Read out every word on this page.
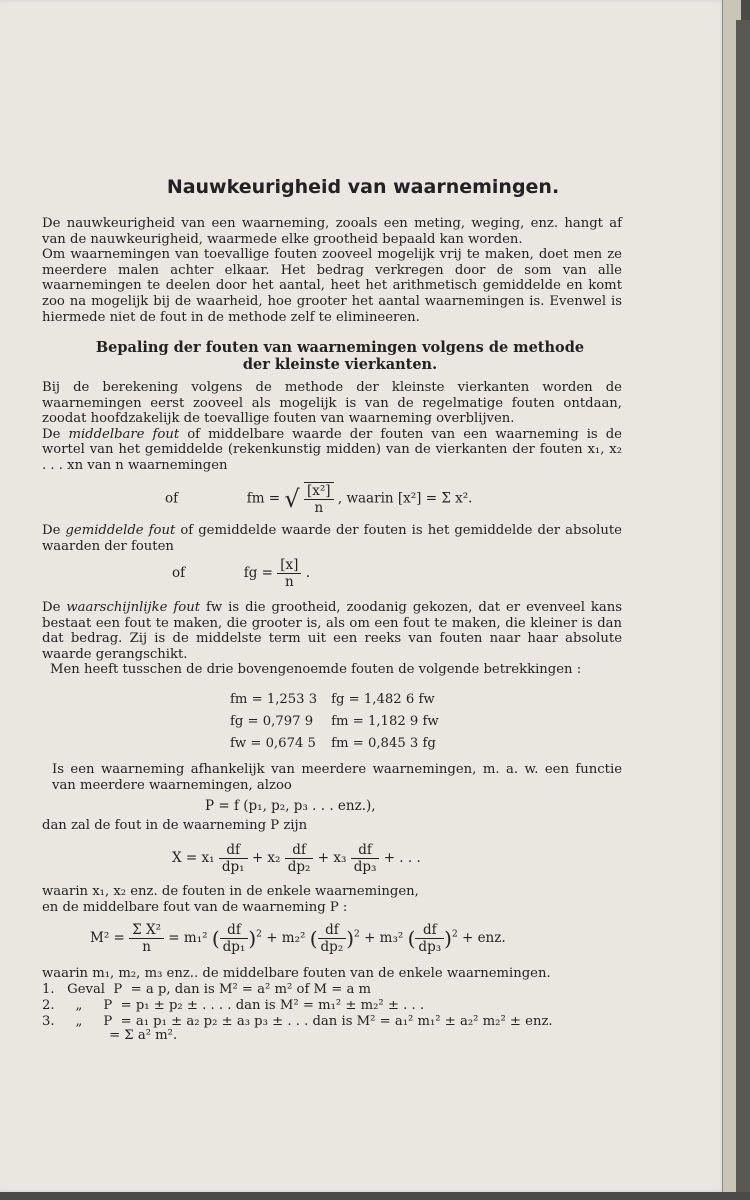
Nauwkeurigheid van waarnemingen.

De nauwkeurigheid van een waarneming, zooals een meting, weging, enz. hangt af van de nauwkeurigheid, waarmede elke grootheid bepaald kan worden.

Om waarnemingen van toevallige fouten zooveel mogelijk vrij te maken, doet men ze meerdere malen achter elkaar. Het bedrag verkregen door de som van alle waarnemingen te deelen door het aantal, heet het arithmetisch gemiddelde en komt zoo na mogelijk bij de waarheid, hoe grooter het aantal waarnemingen is. Evenwel is hiermede niet de fout in de methode zelf te elimineeren.

Bepaling der fouten van waarnemingen volgens de methode
der kleinste vierkanten.

Bij de berekening volgens de methode der kleinste vierkanten worden de waarnemingen eerst zooveel als mogelijk is van de regelmatige fouten ontdaan, zoodat hoofdzakelijk de toevallige fouten van waarneming overblijven.

De middelbare fout of middelbare waarde der fouten van een waarneming is de wortel van het gemiddelde (rekenkunstig midden) van de vierkanten der fouten x₁, x₂ . . . xn van n waarnemingen

of	fm = √ $\frac{\text{[x²]}}{n}$ , waarin [x²] = Σ x².

De gemiddelde fout of gemiddelde waarde der fouten is het gemiddelde der absolute waarden der fouten

of	fg = $\frac{[x]}{n}$ .

De waarschijnlijke fout fw is die grootheid, zoodanig gekozen, dat er evenveel kans bestaat een fout te maken, die grooter is, als om een fout te maken, die kleiner is dan dat bedrag. Zij is de middelste term uit een reeks van fouten naar haar absolute waarde gerangschikt.

Men heeft tusschen de drie bovengenoemde fouten de volgende betrekkingen :

fm = 1,253 3	fg = 1,482 6 fw
fg = 0,797 9	fm = 1,182 9 fw
fw = 0,674 5	fm = 0,845 3 fg

Is een waarneming afhankelijk van meerdere waarnemingen, m. a. w. een functie van meerdere waarnemingen, alzoo

P = f (p₁, p₂, p₃ . . . enz.),
dan zal de fout in de waarneming P zijn
$X = x_1 \frac{df}{\text{dp₁}} + x_2 \frac{df}{\text{dp₂}} + x_3 \frac{df}{\text{dp₃}}$ + . . .
waarin x₁, x₂ enz. de fouten in de enkele waarnemingen,
en de middelbare fout van de waarneming P :
$M^2 = \frac{\text{Σ X²}}{n} = m_1^2$ ( $\frac{df}{\text{dp₁}} )^2 + m_2^2$ ( $\frac{df}{\text{dp₂}} )^2 + m_3^2$ ( $\frac{df}{\text{dp₃}} )^2$ + enz.
waarin m₁, m₂, m₃ enz.. de middelbare fouten van de enkele waarnemingen.
1.   Geval  P  = a p, dan is M² = a² m² of M = a m
2.     „     P  = p₁ ± p₂ ± . . . . dan is M² = m₁² ± m₂² ± . . .
3.     „     P  = a₁ p₁ ± a₂ p₂ ± a₃ p₃ ± . . . dan is M² = a₁² m₁² ± a₂² m₂² ± enz.
= Σ a² m².
